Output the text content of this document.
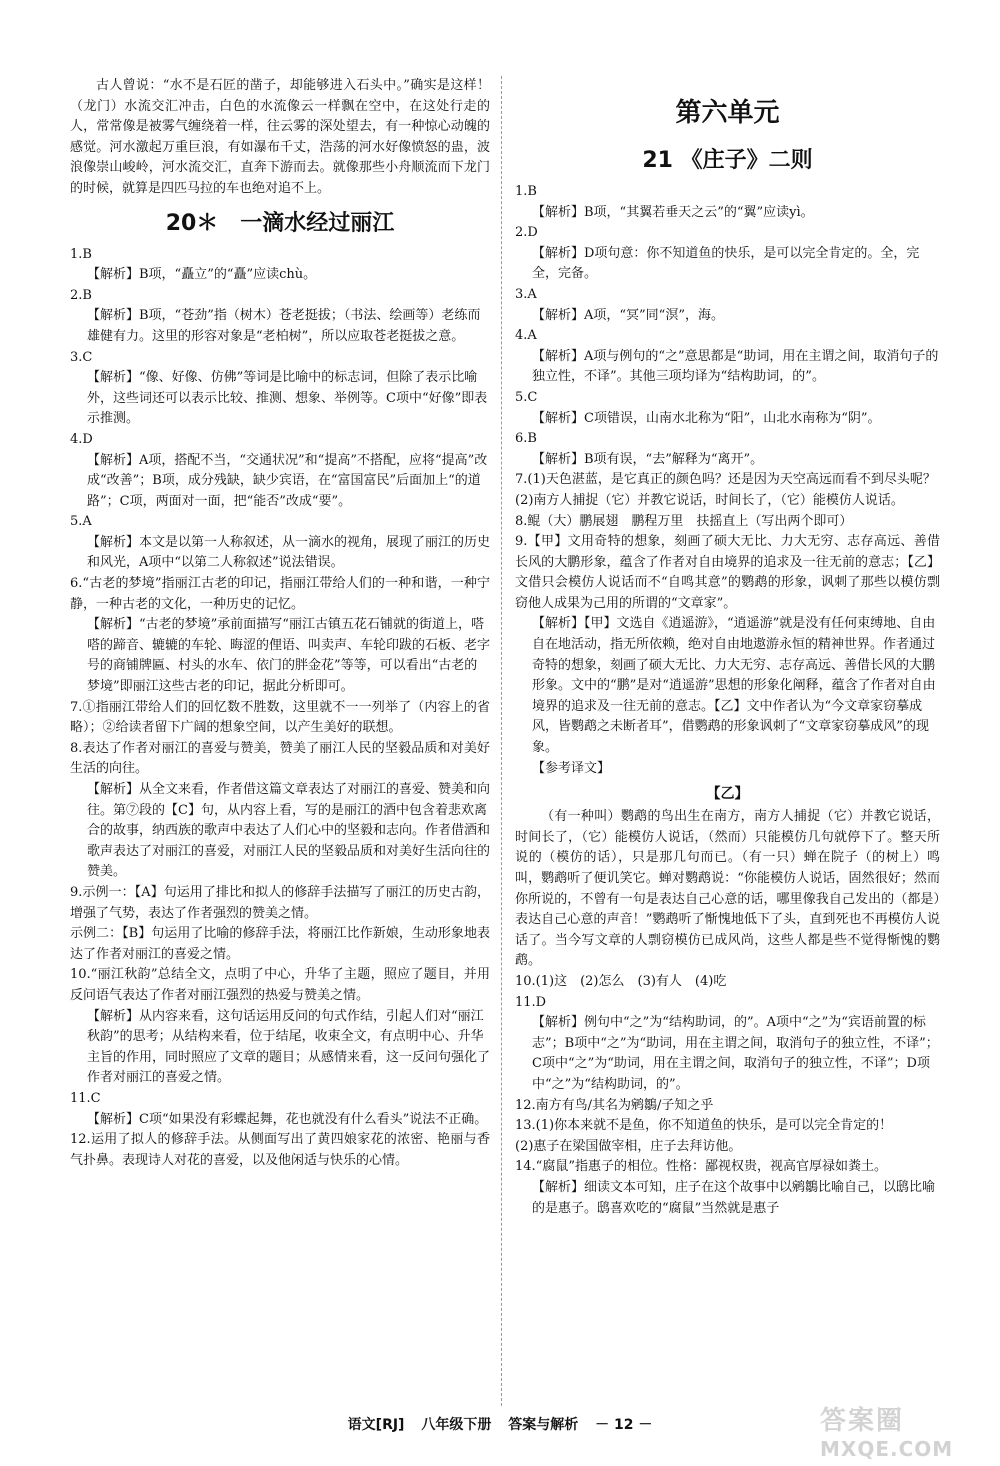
古人曾说：“水不是石匠的凿子，却能够进入石头中。”确实是这样！（龙门）水流交汇冲击，白色的水流像云一样飘在空中，在这处行走的人，常常像是被雾气缠绕着一样，往云雾的深处望去，有一种惊心动魄的感觉。河水激起万重巨浪，有如瀑布千丈，浩荡的河水好像愤怒的蛊，波浪像崇山峻岭，河水流交汇，直奔下游而去。就像那些小舟顺流而下龙门的时候，就算是四匹马拉的车也绝对追不上。

20＊　一滴水经过丽江

1.B

【解析】B项，“矗立”的“矗”应读chù。

2.B

【解析】B项，“苍劲”指（树木）苍老挺拔；（书法、绘画等）老练而雄健有力。这里的形容对象是“老柏树”，所以应取苍老挺拔之意。

3.C

【解析】“像、好像、仿佛”等词是比喻中的标志词，但除了表示比喻外，这些词还可以表示比较、推测、想象、举例等。C项中“好像”即表示推测。

4.D

【解析】A项，搭配不当，“交通状况”和“提高”不搭配，应将“提高”改成“改善”；B项，成分残缺，缺少宾语，在“富国富民”后面加上“的道路”；C项，两面对一面，把“能否”改成“要”。

5.A

【解析】本文是以第一人称叙述，从一滴水的视角，展现了丽江的历史和风光，A项中“以第二人称叙述”说法错误。

6.“古老的梦境”指丽江古老的印记，指丽江带给人们的一种和谐，一种宁静，一种古老的文化，一种历史的记忆。

【解析】“古老的梦境”承前面描写“丽江古镇五花石铺就的街道上，嗒嗒的蹄音、辘辘的车轮、晦涩的俚语、叫卖声、车轮印跋的石板、老字号的商铺牌匾、村头的水车、依门的胖金花”等等，可以看出“古老的梦境”即丽江这些古老的印记，据此分析即可。

7.①指丽江带给人们的回忆数不胜数，这里就不一一列举了（内容上的省略）；②给读者留下广阔的想象空间，以产生美好的联想。

8.表达了作者对丽江的喜爱与赞美，赞美了丽江人民的坚毅品质和对美好生活的向往。

【解析】从全文来看，作者借这篇文章表达了对丽江的喜爱、赞美和向往。第⑦段的【C】句，从内容上看，写的是丽江的酒中包含着悲欢离合的故事，纳西族的歌声中表达了人们心中的坚毅和志向。作者借酒和歌声表达了对丽江的喜爱，对丽江人民的坚毅品质和对美好生活向往的赞美。

9.示例一：【A】句运用了排比和拟人的修辞手法描写了丽江的历史古韵，增强了气势，表达了作者强烈的赞美之情。
示例二：【B】句运用了比喻的修辞手法，将丽江比作新娘，生动形象地表达了作者对丽江的喜爱之情。

10.“丽江秋韵”总结全文，点明了中心，升华了主题，照应了题目，并用反问语气表达了作者对丽江强烈的热爱与赞美之情。

【解析】从内容来看，这句话运用反问的句式作结，引起人们对“丽江秋韵”的思考；从结构来看，位于结尾，收束全文，有点明中心、升华主旨的作用，同时照应了文章的题目；从感情来看，这一反问句强化了作者对丽江的喜爱之情。

11.C

【解析】C项“如果没有彩蝶起舞，花也就没有什么看头”说法不正确。

12.运用了拟人的修辞手法。从侧面写出了黄四娘家花的浓密、艳丽与香气扑鼻。表现诗人对花的喜爱，以及他闲适与快乐的心情。

第六单元
21 《庄子》二则

1.B

【解析】B项，“其翼若垂天之云”的“翼”应读yì。

2.D

【解析】D项句意：你不知道鱼的快乐，是可以完全肯定的。全，完全，完备。

3.A

【解析】A项，“冥”同“溟”，海。

4.A

【解析】A项与例句的“之”意思都是“助词，用在主谓之间，取消句子的独立性，不译”。其他三项均译为“结构助词，的”。

5.C

【解析】C项错误，山南水北称为“阳”，山北水南称为“阴”。

6.B

【解析】B项有误，“去”解释为“离开”。

7.(1)天色湛蓝，是它真正的颜色吗？还是因为天空高远而看不到尽头呢？
(2)南方人捕捉（它）并教它说话，时间长了，（它）能模仿人说话。

8.鲲（大）鹏展翅　鹏程万里　扶摇直上（写出两个即可）

9.【甲】文用奇特的想象，刻画了硕大无比、力大无穷、志存高远、善借长风的大鹏形象，蕴含了作者对自由境界的追求及一往无前的意志；【乙】文借只会模仿人说话而不“自鸣其意”的鹦鹉的形象，讽刺了那些以模仿剽窃他人成果为己用的所谓的“文章家”。

【解析】【甲】文选自《逍遥游》，“逍遥游”就是没有任何束缚地、自由自在地活动，指无所依赖，绝对自由地遨游永恒的精神世界。作者通过奇特的想象，刻画了硕大无比、力大无穷、志存高远、善借长风的大鹏形象。文中的“鹏”是对“逍遥游”思想的形象化阐释，蕴含了作者对自由境界的追求及一往无前的意志。【乙】文中作者认为“今文章家窃摹成风，皆鹦鹉之未断者耳”，借鹦鹉的形象讽刺了“文章家窃摹成风”的现象。

【参考译文】

【乙】

（有一种叫）鹦鹉的鸟出生在南方，南方人捕捉（它）并教它说话，时间长了，（它）能模仿人说话，（然而）只能模仿几句就停下了。整天所说的（模仿的话），只是那几句而已。（有一只）蝉在院子（的树上）鸣叫，鹦鹉听了便讥笑它。蝉对鹦鹉说：“你能模仿人说话，固然很好；然而你所说的，不曾有一句是表达自己心意的话，哪里像我自己发出的（都是）表达自己心意的声音！”鹦鹉听了惭愧地低下了头，直到死也不再模仿人说话了。当今写文章的人剽窃模仿已成风尚，这些人都是些不觉得惭愧的鹦鹉。

10.(1)这　(2)怎么　(3)有人　(4)吃

11.D

【解析】例句中“之”为“结构助词，的”。A项中“之”为“宾语前置的标志”；B项中“之”为“助词，用在主谓之间，取消句子的独立性，不译”；C项中“之”为“助词，用在主谓之间，取消句子的独立性，不译”；D项中“之”为“结构助词，的”。

12.南方有鸟/其名为鹓鶵/子知之乎

13.(1)你本来就不是鱼，你不知道鱼的快乐，是可以完全肯定的！
(2)惠子在梁国做宰相，庄子去拜访他。

14.“腐鼠”指惠子的相位。性格：鄙视权贵，视高官厚禄如粪土。

【解析】细读文本可知，庄子在这个故事中以鹓鶵比喻自己，以鸱比喻的是惠子。鸱喜欢吃的“腐鼠”当然就是惠子

语文[RJ] 八年级下册 答案与解析 － 12 －	答案圈
MXQE.COM
